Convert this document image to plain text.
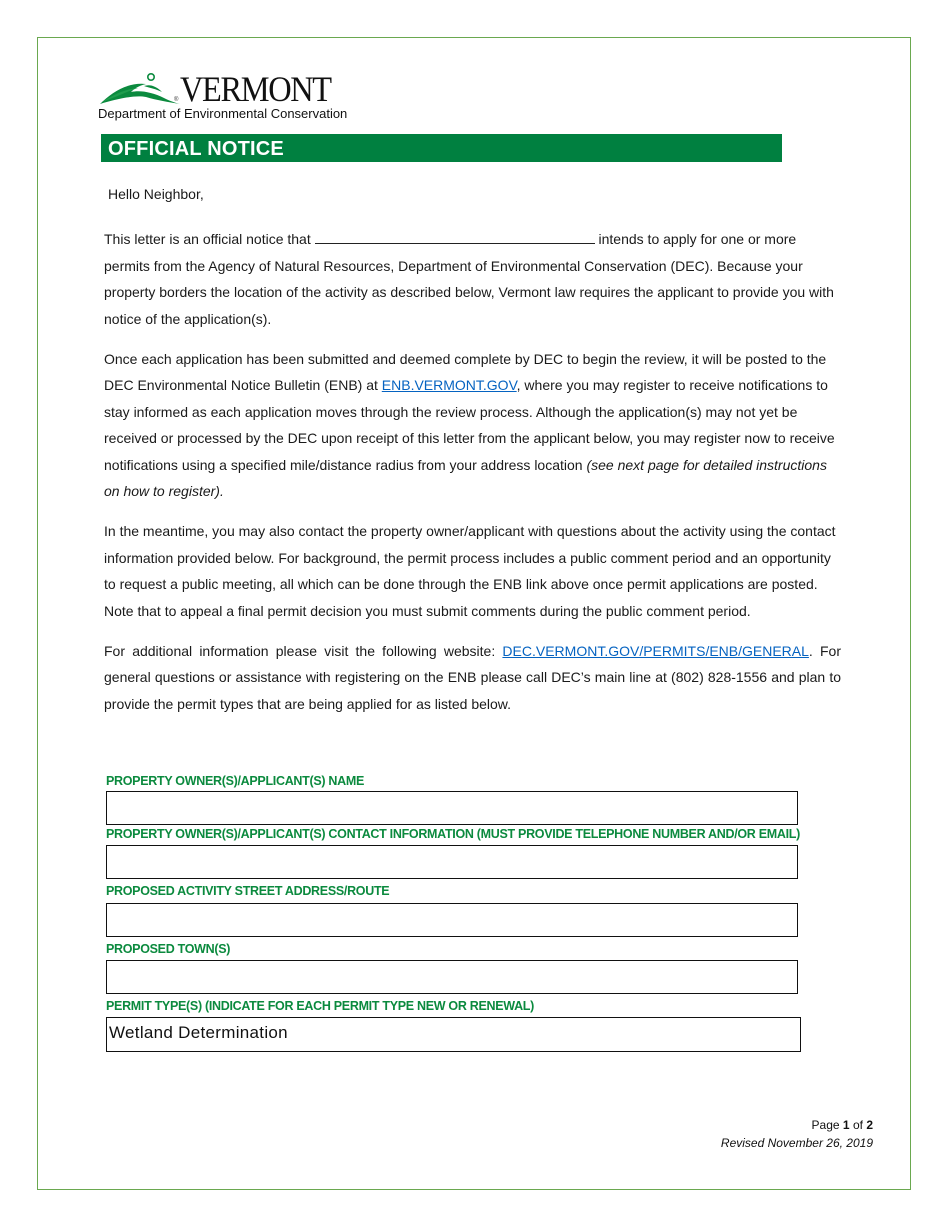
® VERMONT
Department of Environmental Conservation
OFFICIAL NOTICE
Hello Neighbor,

This letter is an official notice that	intends to apply for one or more permits from the Agency of Natural Resources, Department of Environmental Conservation (DEC). Because your property borders the location of the activity as described below, Vermont law requires the applicant to provide you with notice of the application(s).

Once each application has been submitted and deemed complete by DEC to begin the review, it will be posted to the DEC Environmental Notice Bulletin (ENB) at ENB.VERMONT.GOV, where you may register to receive notifications to stay informed as each application moves through the review process. Although the application(s) may not yet be received or processed by the DEC upon receipt of this letter from the applicant below, you may register now to receive notifications using a specified mile/distance radius from your address location (see next page for detailed instructions on how to register).

In the meantime, you may also contact the property owner/applicant with questions about the activity using the contact information provided below. For background, the permit process includes a public comment period and an opportunity to request a public meeting, all which can be done through the ENB link above once permit applications are posted. Note that to appeal a final permit decision you must submit comments during the public comment period.

For additional information please visit the following website: DEC.VERMONT.GOV/PERMITS/ENB/GENERAL. For general questions or assistance with registering on the ENB please call DEC’s main line at (802) 828-1556 and plan to provide the permit types that are being applied for as listed below.

PROPERTY OWNER(S)/APPLICANT(S) NAME
PROPERTY OWNER(S)/APPLICANT(S) CONTACT INFORMATION (MUST PROVIDE TELEPHONE NUMBER AND/OR EMAIL)
PROPOSED ACTIVITY STREET ADDRESS/ROUTE
PROPOSED TOWN(S)
PERMIT TYPE(S) (INDICATE FOR EACH PERMIT TYPE NEW OR RENEWAL)
Wetland Determination
Page 1 of 2
Revised November 26, 2019
